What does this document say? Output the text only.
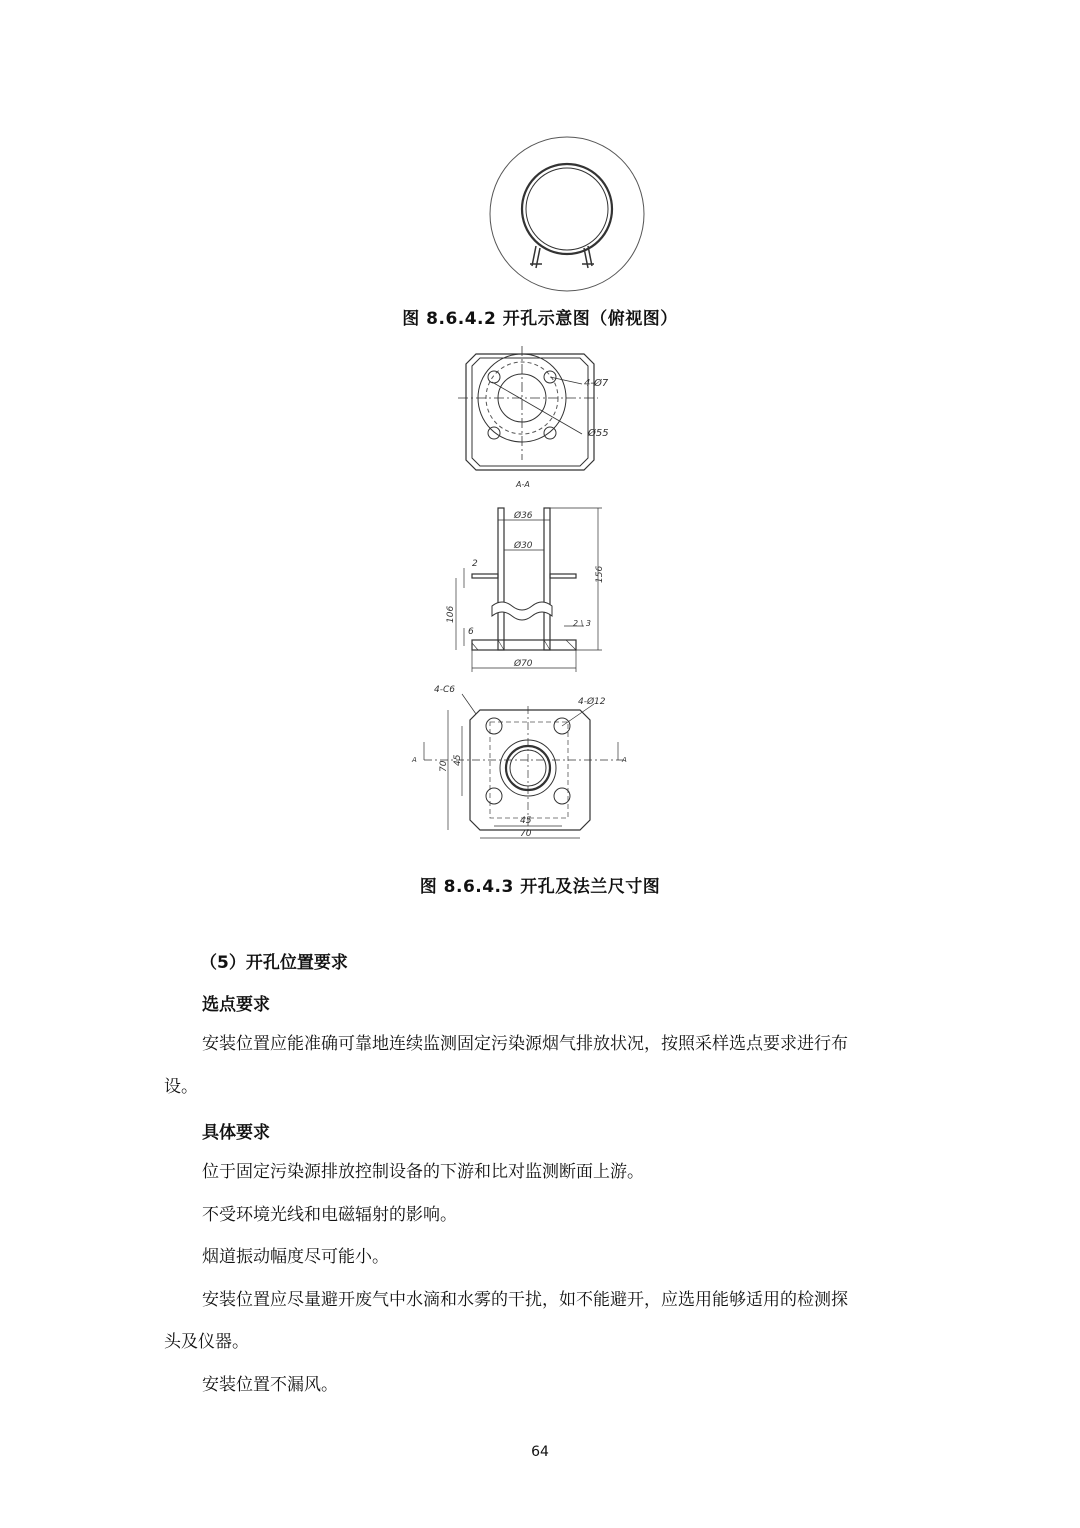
图 8.6.4.2 开孔示意图（俯视图）
4-Ø7
Ø55
A-A
Ø36
Ø30
156
106
2
6
2 \ 3
Ø70
4-C6
4-Ø12
70
45
45
70
A	A
图 8.6.4.3 开孔及法兰尺寸图
（5）开孔位置要求
选点要求
安装位置应能准确可靠地连续监测固定污染源烟气排放状况，按照采样选点要求进行布
设。
具体要求
位于固定污染源排放控制设备的下游和比对监测断面上游。
不受环境光线和电磁辐射的影响。
烟道振动幅度尽可能小。
安装位置应尽量避开废气中水滴和水雾的干扰，如不能避开，应选用能够适用的检测探
头及仪器。
安装位置不漏风。
64
